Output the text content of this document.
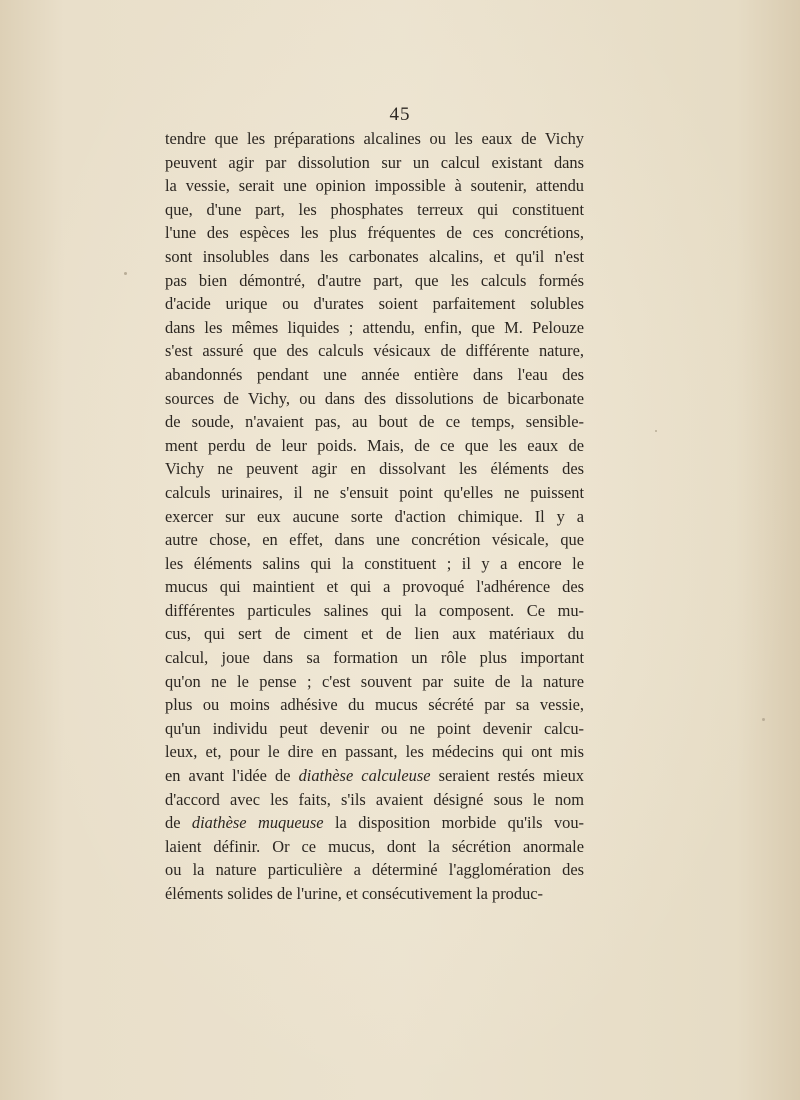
45
tendre que les préparations alcalines ou les eaux de Vichy
peuvent agir par dissolution sur un calcul existant dans
la vessie, serait une opinion impossible à soutenir, attendu
que, d'une part, les phosphates terreux qui constituent
l'une des espèces les plus fréquentes de ces concrétions,
sont insolubles dans les carbonates alcalins, et qu'il n'est
pas bien démontré, d'autre part, que les calculs formés
d'acide urique ou d'urates soient parfaitement solubles
dans les mêmes liquides ; attendu, enfin, que M. Pelouze
s'est assuré que des calculs vésicaux de différente nature,
abandonnés pendant une année entière dans l'eau des
sources de Vichy, ou dans des dissolutions de bicarbonate
de soude, n'avaient pas, au bout de ce temps, sensible-
ment perdu de leur poids. Mais, de ce que les eaux de
Vichy ne peuvent agir en dissolvant les éléments des
calculs urinaires, il ne s'ensuit point qu'elles ne puissent
exercer sur eux aucune sorte d'action chimique. Il y a
autre chose, en effet, dans une concrétion vésicale, que
les éléments salins qui la constituent ; il y a encore le
mucus qui maintient et qui a provoqué l'adhérence des
différentes particules salines qui la composent. Ce mu-
cus, qui sert de ciment et de lien aux matériaux du
calcul, joue dans sa formation un rôle plus important
qu'on ne le pense ; c'est souvent par suite de la nature
plus ou moins adhésive du mucus sécrété par sa vessie,
qu'un individu peut devenir ou ne point devenir calcu-
leux, et, pour le dire en passant, les médecins qui ont mis
en avant l'idée de diathèse calculeuse seraient restés mieux
d'accord avec les faits, s'ils avaient désigné sous le nom
de diathèse muqueuse la disposition morbide qu'ils vou-
laient définir. Or ce mucus, dont la sécrétion anormale
ou la nature particulière a déterminé l'agglomération des
éléments solides de l'urine, et consécutivement la produc-
